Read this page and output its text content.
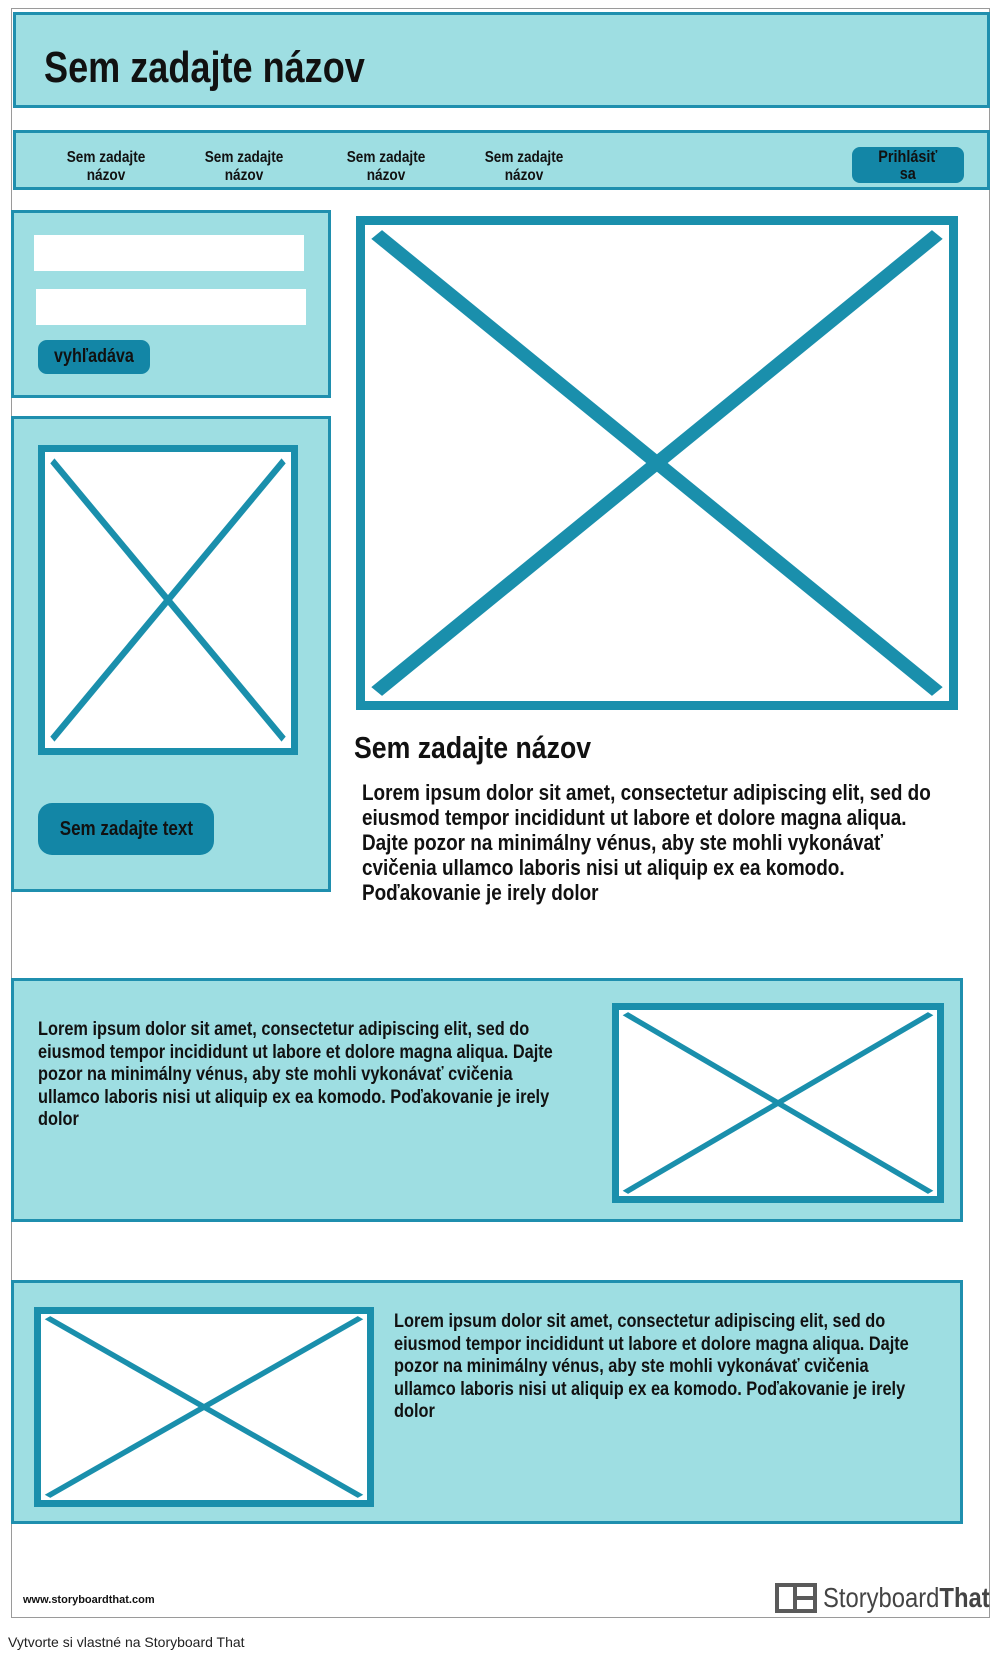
Sem zadajte názov
Sem zadajte
názov
Sem zadajte
názov
Sem zadajte
názov
Sem zadajte
názov
Prihlásiť
sa
vyhľadáva
Sem zadajte text
Sem zadajte názov
Lorem ipsum dolor sit amet, consectetur adipiscing elit, sed do eiusmod tempor incididunt ut labore et dolore magna aliqua. Dajte pozor na minimálny vénus, aby ste mohli vykonávať cvičenia ullamco laboris nisi ut aliquip ex ea komodo. Poďakovanie je irely dolor
Lorem ipsum dolor sit amet, consectetur adipiscing elit, sed do eiusmod tempor incididunt ut labore et dolore magna aliqua. Dajte pozor na minimálny vénus, aby ste mohli vykonávať cvičenia ullamco laboris nisi ut aliquip ex ea komodo. Poďakovanie je irely dolor
Lorem ipsum dolor sit amet, consectetur adipiscing elit, sed do eiusmod tempor incididunt ut labore et dolore magna aliqua. Dajte pozor na minimálny vénus, aby ste mohli vykonávať cvičenia ullamco laboris nisi ut aliquip ex ea komodo. Poďakovanie je irely dolor
www.storyboardthat.com	StoryboardThat
Vytvorte si vlastné na Storyboard That
